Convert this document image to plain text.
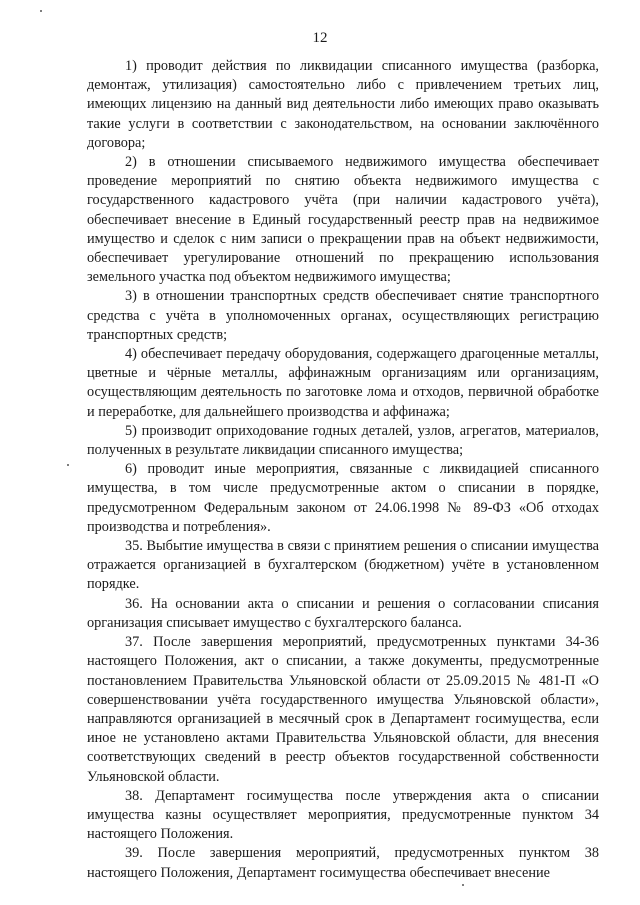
12

1) проводит действия по ликвидации списанного имущества (разборка, демонтаж, утилизация) самостоятельно либо с привлечением третьих лиц, имеющих лицензию на данный вид деятельности либо имеющих право оказывать такие услуги в соответствии с законодательством, на основании заключённого договора;

2) в отношении списываемого недвижимого имущества обеспечивает проведение мероприятий по снятию объекта недвижимого имущества с государственного кадастрового учёта (при наличии кадастрового учёта), обеспечивает внесение в Единый государственный реестр прав на недвижимое имущество и сделок с ним записи о прекращении прав на объект недвижимости, обеспечивает урегулирование отношений по прекращению использования земельного участка под объектом недвижимого имущества;

3) в отношении транспортных средств обеспечивает снятие транспортного средства с учёта в уполномоченных органах, осуществляющих регистрацию транспортных средств;

4) обеспечивает передачу оборудования, содержащего драгоценные металлы, цветные и чёрные металлы, аффинажным организациям или организациям, осуществляющим деятельность по заготовке лома и отходов, первичной обработке и переработке, для дальнейшего производства и аффинажа;

5) производит оприходование годных деталей, узлов, агрегатов, материалов, полученных в результате ликвидации списанного имущества;

6) проводит иные мероприятия, связанные с ликвидацией списанного имущества, в том числе предусмотренные актом о списании в порядке, предусмотренном Федеральным законом от 24.06.1998 № 89-ФЗ «Об отходах производства и потребления».

35. Выбытие имущества в связи с принятием решения о списании имущества отражается организацией в бухгалтерском (бюджетном) учёте в установленном порядке.

36. На основании акта о списании и решения о согласовании списания организация списывает имущество с бухгалтерского баланса.

37. После завершения мероприятий, предусмотренных пунктами 34-36 настоящего Положения, акт о списании, а также документы, предусмотренные постановлением Правительства Ульяновской области от 25.09.2015 № 481-П «О совершенствовании учёта государственного имущества Ульяновской области», направляются организацией в месячный срок в Департамент госимущества, если иное не установлено актами Правительства Ульяновской области, для внесения соответствующих сведений в реестр объектов государственной собственности Ульяновской области.

38. Департамент госимущества после утверждения акта о списании имущества казны осуществляет мероприятия, предусмотренные пунктом 34 настоящего Положения.

39. После завершения мероприятий, предусмотренных пунктом 38 настоящего Положения, Департамент госимущества обеспечивает внесение
